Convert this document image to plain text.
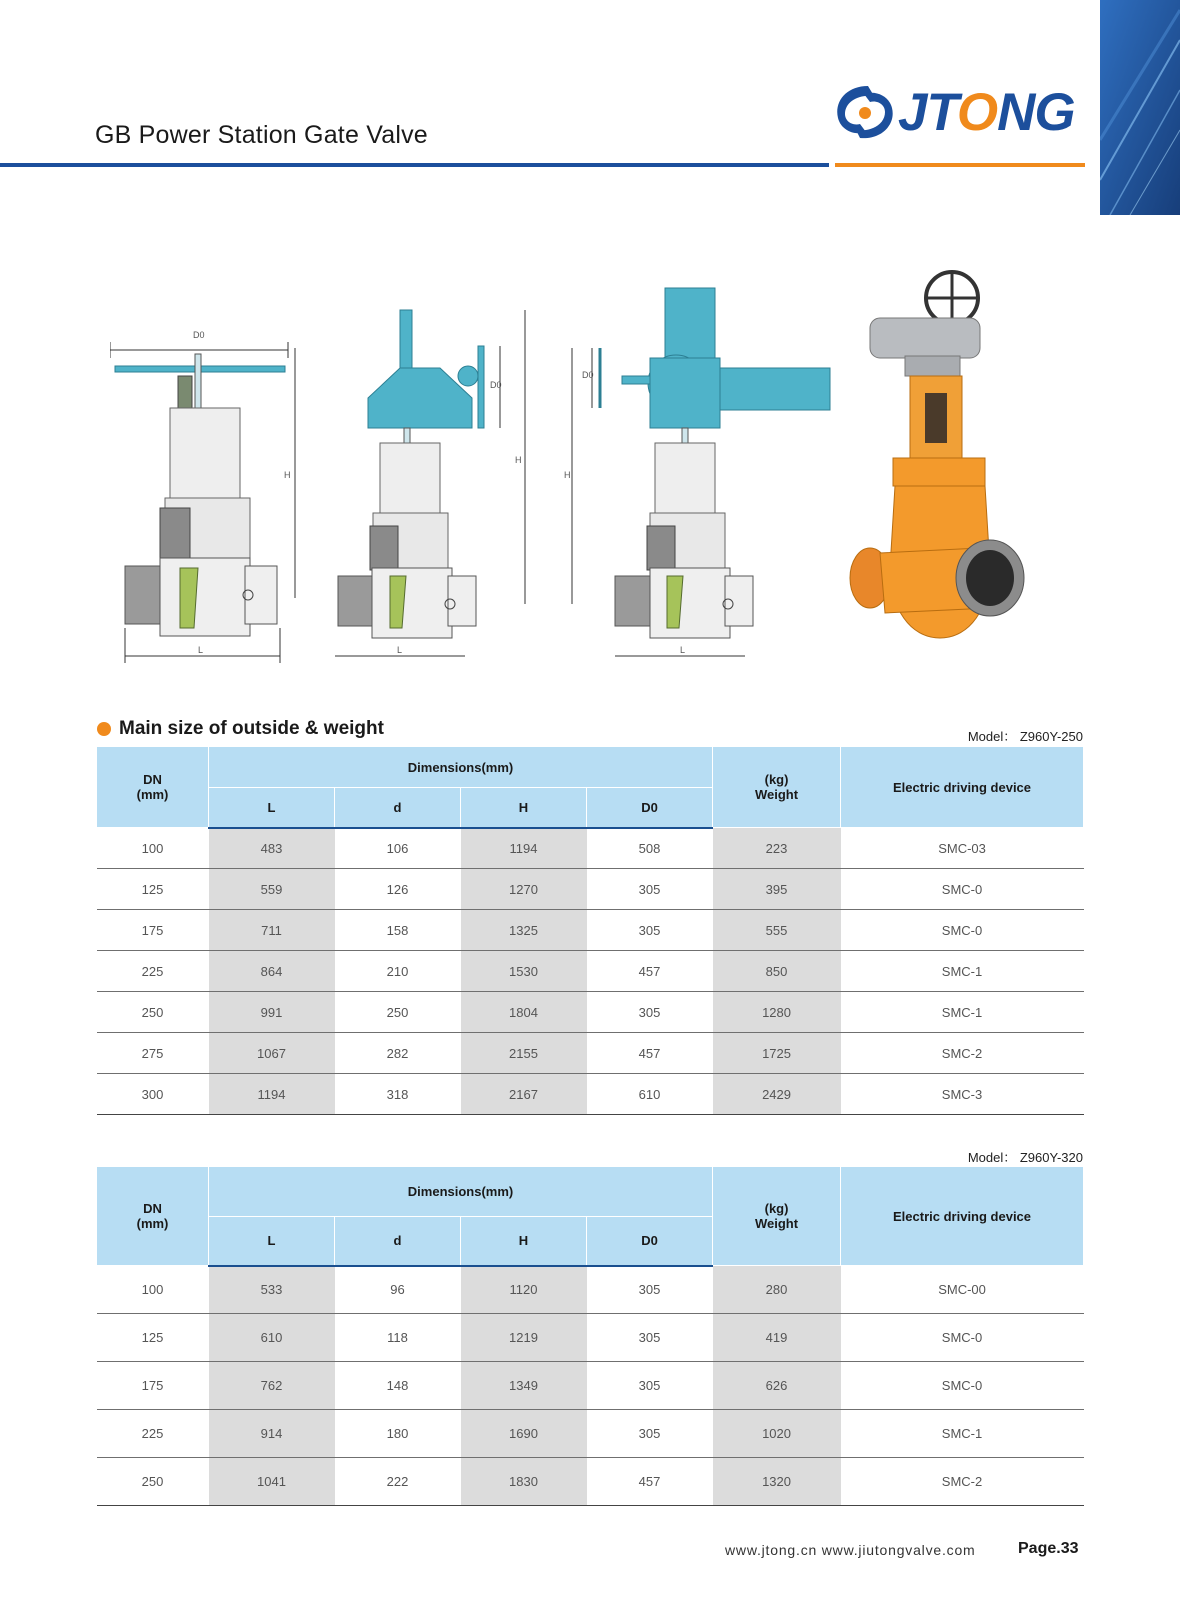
GB Power Station Gate Valve	JTONG
D0
H
L
D0
H
L
D0
H
L
Main size of outside & weight	Model： Z960Y-250
DN
(mm)	Dimensions(mm)				(kg)
Weight	Electric driving device
	L	d	H	D0		
100	483	106	1194	508	223	SMC-03
125	559	126	1270	305	395	SMC-0
175	711	158	1325	305	555	SMC-0
225	864	210	1530	457	850	SMC-1
250	991	250	1804	305	1280	SMC-1
275	1067	282	2155	457	1725	SMC-2
300	1194	318	2167	610	2429	SMC-3
Model： Z960Y-320
DN
(mm)	Dimensions(mm)				(kg)
Weight	Electric driving device
	L	d	H	D0		
100	533	96	1120	305	280	SMC-00
125	610	118	1219	305	419	SMC-0
175	762	148	1349	305	626	SMC-0
225	914	180	1690	305	1020	SMC-1
250	1041	222	1830	457	1320	SMC-2
www.jtong.cn www.jiutongvalve.com	Page.33
